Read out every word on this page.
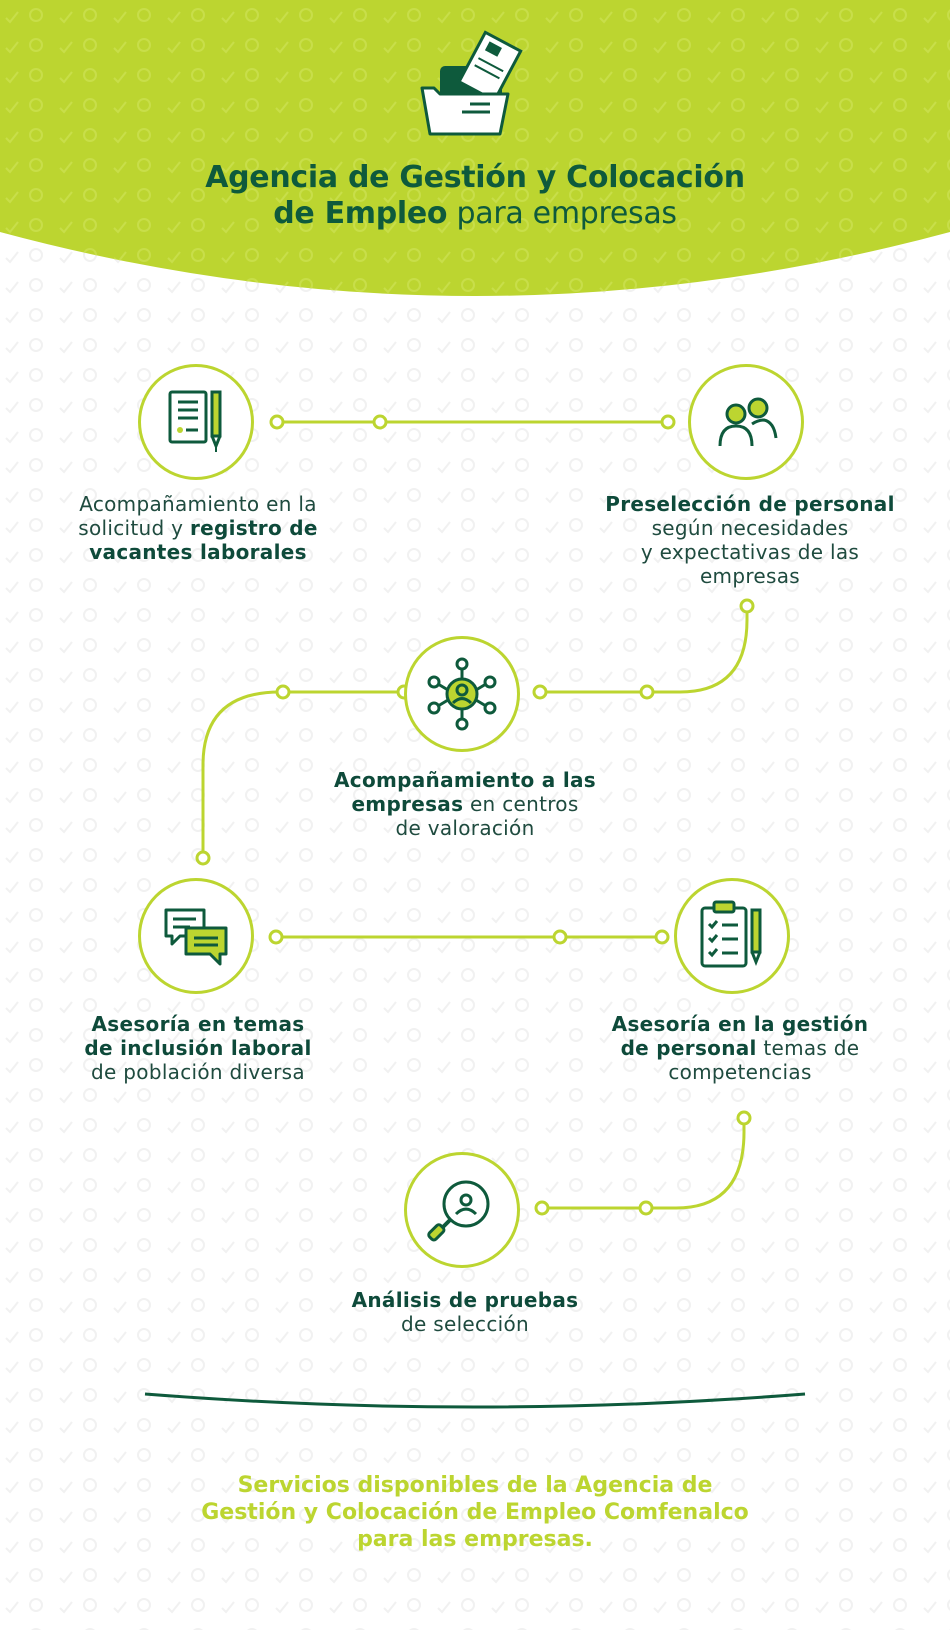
Agencia de Gestión y Colocación
de Empleo para empresas
Acompañamiento en la
solicitud y registro de
vacantes laborales
Preselección de personal
según necesidades
y expectativas de las
empresas
Acompañamiento a las
empresas en centros
de valoración
Asesoría en temas
de inclusión laboral
de población diversa
Asesoría en la gestión
de personal temas de
competencias
Análisis de pruebas
de selección
Servicios disponibles de la Agencia de
Gestión y Colocación de Empleo Comfenalco
para las empresas.
